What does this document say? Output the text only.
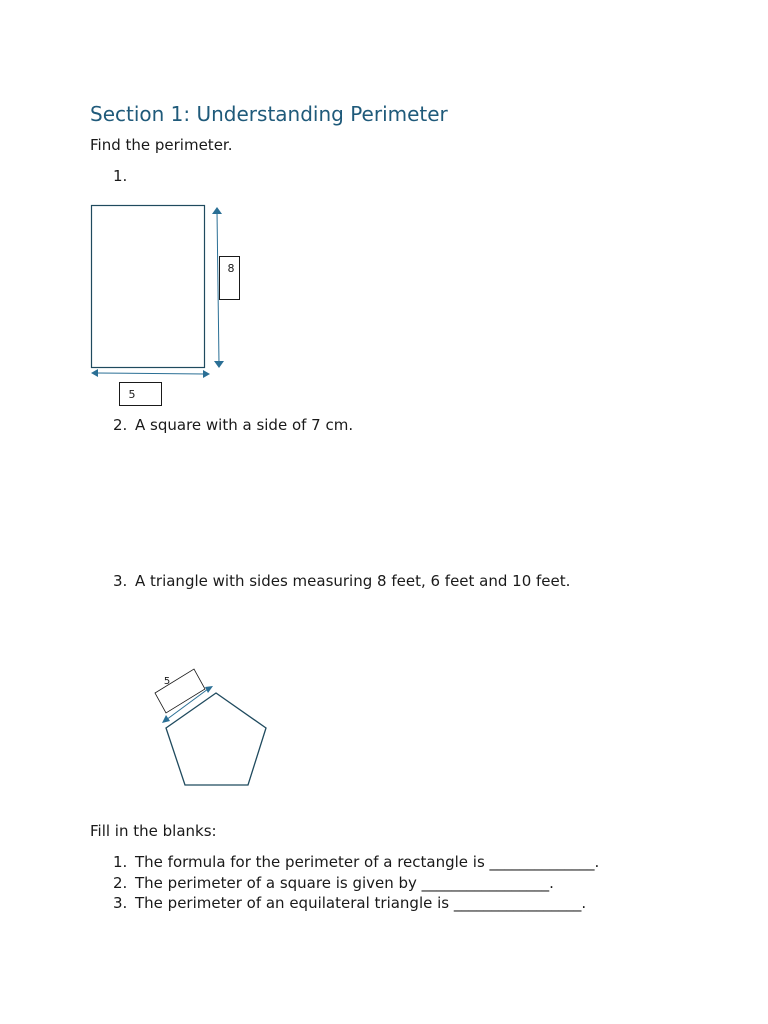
Section 1: Understanding Perimeter
Find the perimeter.
1.
8
5
2. A square with a side of 7 cm.
3. A triangle with sides measuring 8 feet, 6 feet and 10 feet.
5
Fill in the blanks:
1. The formula for the perimeter of a rectangle is ______________.
2. The perimeter of a square is given by _________________.
3. The perimeter of an equilateral triangle is _________________.
